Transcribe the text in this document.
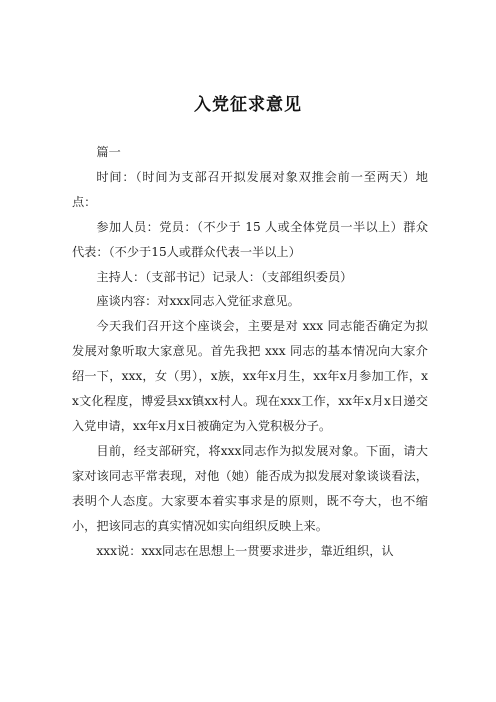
入党征求意见

篇一

时间：（时间为支部召开拟发展对象双推会前一至两天）地点：

参加人员：党员：（不少于 15 人或全体党员一半以上）群众代表：（不少于15人或群众代表一半以上）

主持人：（支部书记）记录人：（支部组织委员）

座谈内容：对xxx同志入党征求意见。

今天我们召开这个座谈会，主要是对 xxx 同志能否确定为拟发展对象听取大家意见。首先我把 xxx 同志的基本情况向大家介绍一下，xxx，女（男），x族，xx年x月生，xx年x月参加工作，xx文化程度，博爱县xx镇xx村人。现在xxx工作，xx年x月x日递交入党申请，xx年x月x日被确定为入党积极分子。

目前，经支部研究，将xxx同志作为拟发展对象。下面，请大家对该同志平常表现，对他（她）能否成为拟发展对象谈谈看法，表明个人态度。大家要本着实事求是的原则，既不夸大，也不缩小，把该同志的真实情况如实向组织反映上来。

xxx说：xxx同志在思想上一贯要求进步，靠近组织，认
